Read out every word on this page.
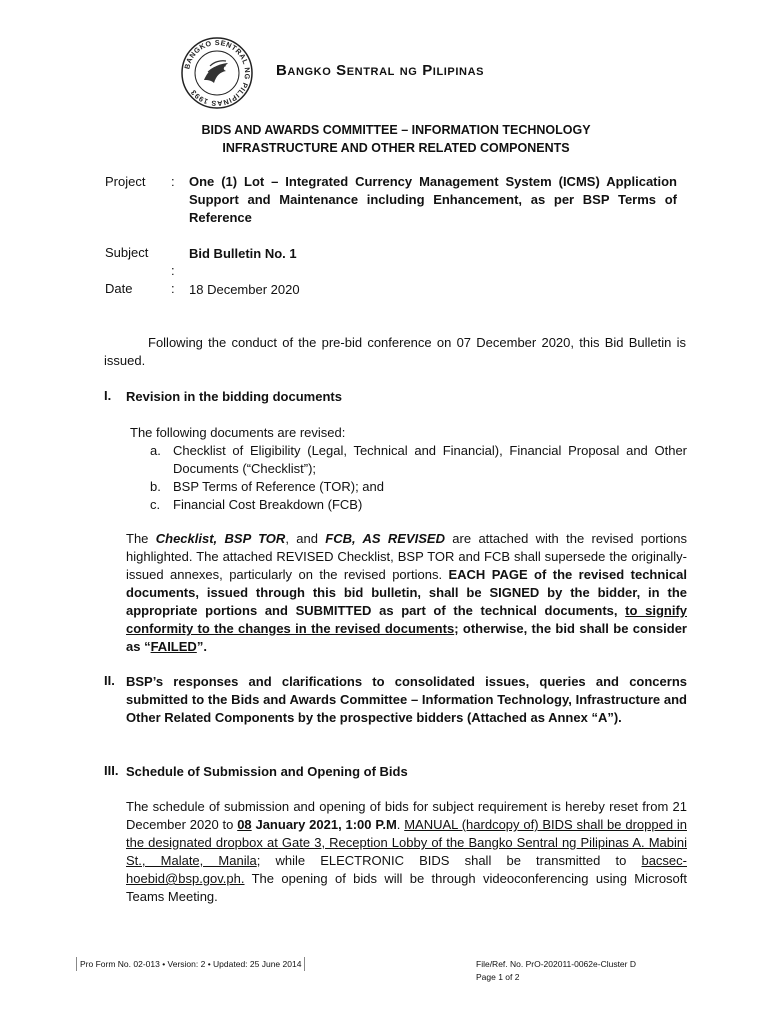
BANGKO SENTRAL NG PILIPINAS 1993
Bangko Sentral ng Pilipinas
BIDS AND AWARDS COMMITTEE – INFORMATION TECHNOLOGY
INFRASTRUCTURE AND OTHER RELATED COMPONENTS
Project : One (1) Lot – Integrated Currency Management System (ICMS) Application Support and Maintenance including Enhancement, as per BSP Terms of Reference
Subject	Bid Bulletin No. 1
:
Date	: 18 December 2020
Following the conduct of the pre-bid conference on 07 December 2020, this Bid Bulletin is issued.
I. Revision in the bidding documents
The following documents are revised:
a. Checklist of Eligibility (Legal, Technical and Financial), Financial Proposal and Other Documents (“Checklist”);
b. BSP Terms of Reference (TOR); and
c. Financial Cost Breakdown (FCB)
The Checklist, BSP TOR, and FCB, AS REVISED are attached with the revised portions highlighted. The attached REVISED Checklist, BSP TOR and FCB shall supersede the originally-issued annexes, particularly on the revised portions. EACH PAGE of the revised technical documents, issued through this bid bulletin, shall be SIGNED by the bidder, in the appropriate portions and SUBMITTED as part of the technical documents, to signify conformity to the changes in the revised documents; otherwise, the bid shall be consider as “FAILED”.
II. BSP’s responses and clarifications to consolidated issues, queries and concerns submitted to the Bids and Awards Committee – Information Technology, Infrastructure and Other Related Components by the prospective bidders (Attached as Annex “A”).
III. Schedule of Submission and Opening of Bids
The schedule of submission and opening of bids for subject requirement is hereby reset from 21 December 2020 to 08 January 2021, 1:00 P.M. MANUAL (hardcopy of) BIDS shall be dropped in the designated dropbox at Gate 3, Reception Lobby of the Bangko Sentral ng Pilipinas A. Mabini St., Malate, Manila; while ELECTRONIC BIDS shall be transmitted to bacsec-hoebid@bsp.gov.ph. The opening of bids will be through videoconferencing using Microsoft Teams Meeting.
Pro Form No. 02-013 • Version: 2 • Updated: 25 June 2014	File/Ref. No. PrO-202011-0062e-Cluster D
Page 1 of 2
